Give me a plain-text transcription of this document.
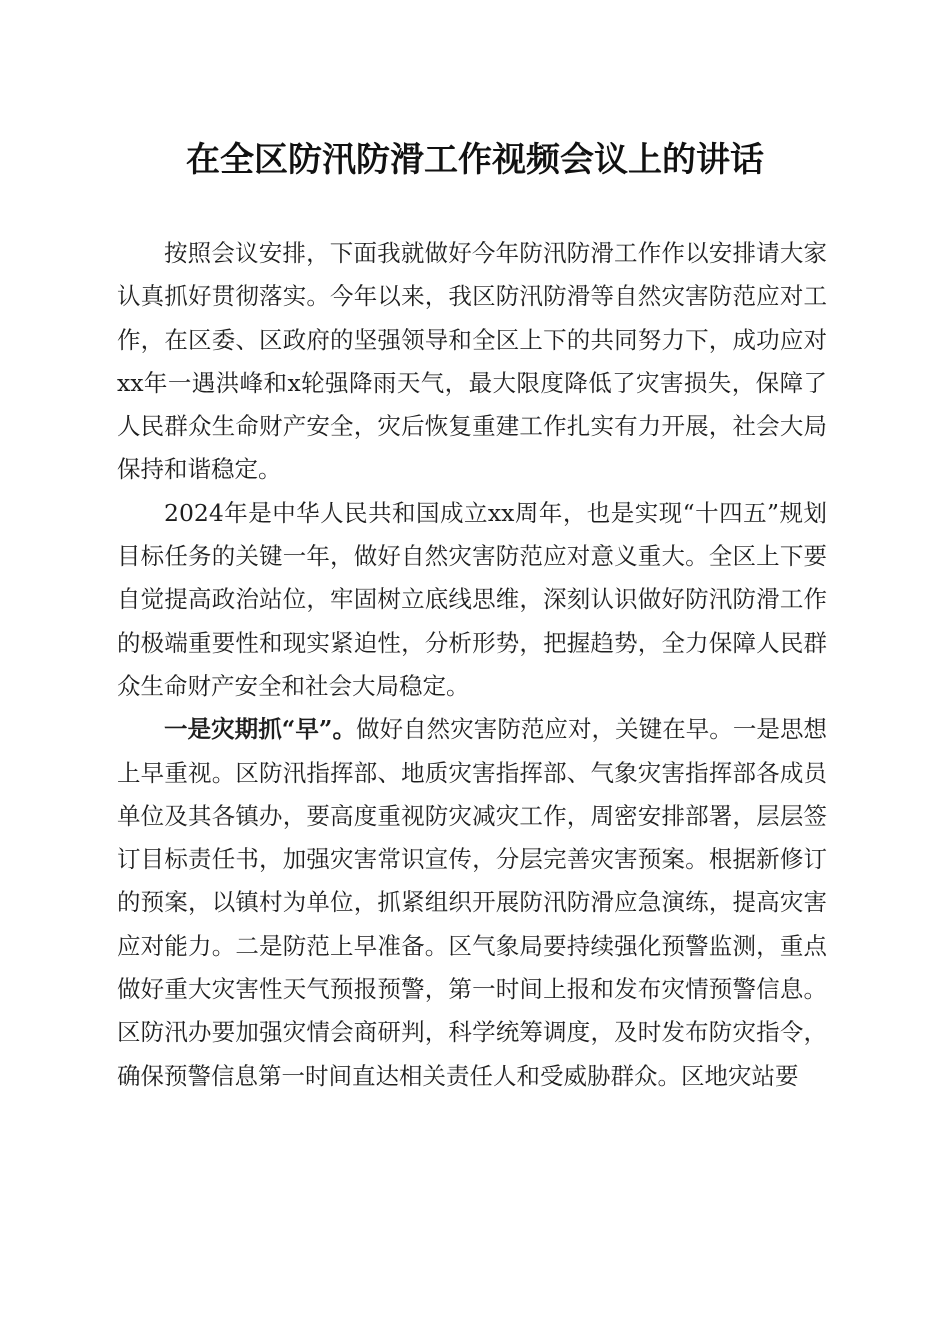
在全区防汛防滑工作视频会议上的讲话

按照会议安排，下面我就做好今年防汛防滑工作作以安排请大家认真抓好贯彻落实。今年以来，我区防汛防滑等自然灾害防范应对工作，在区委、区政府的坚强领导和全区上下的共同努力下，成功应对xx年一遇洪峰和x轮强降雨天气，最大限度降低了灾害损失，保障了人民群众生命财产安全，灾后恢复重建工作扎实有力开展，社会大局保持和谐稳定。

2024年是中华人民共和国成立xx周年，也是实现“十四五”规划目标任务的关键一年，做好自然灾害防范应对意义重大。全区上下要自觉提高政治站位，牢固树立底线思维，深刻认识做好防汛防滑工作的极端重要性和现实紧迫性，分析形势，把握趋势，全力保障人民群众生命财产安全和社会大局稳定。

一是灾期抓“早”。做好自然灾害防范应对，关键在早。一是思想上早重视。区防汛指挥部、地质灾害指挥部、气象灾害指挥部各成员单位及其各镇办，要高度重视防灾减灾工作，周密安排部署，层层签订目标责任书，加强灾害常识宣传，分层完善灾害预案。根据新修订的预案，以镇村为单位，抓紧组织开展防汛防滑应急演练，提高灾害应对能力。二是防范上早准备。区气象局要持续强化预警监测，重点做好重大灾害性天气预报预警，第一时间上报和发布灾情预警信息。区防汛办要加强灾情会商研判，科学统筹调度，及时发布防灾指令，确保预警信息第一时间直达相关责任人和受威胁群众。区地灾站要
